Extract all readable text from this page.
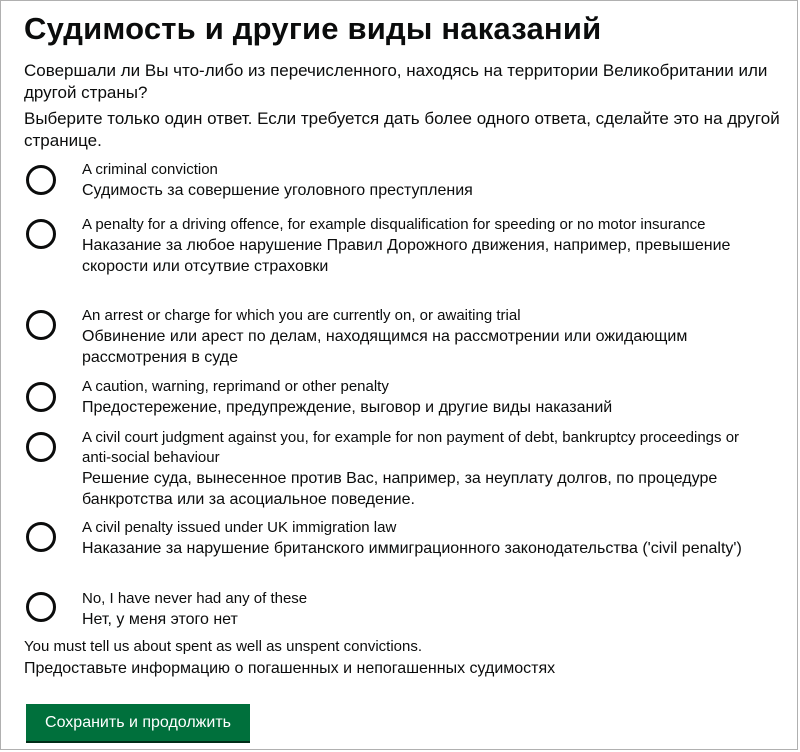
Судимость и другие виды наказаний
Совершали ли Вы что-либо из перечисленного, находясь на территории Великобритании или другой страны?
Выберите только один ответ. Если требуется дать более одного ответа, сделайте это на другой странице.
A criminal conviction
Судимость за совершение уголовного преступления
A penalty for a driving offence, for example disqualification for speeding or no motor insurance
Наказание за любое нарушение Правил Дорожного движения, например, превышение скорости или отсутвие страховки
An arrest or charge for which you are currently on, or awaiting trial
Обвинение или арест по делам, находящимся на рассмотрении или ожидающим рассмотрения в суде
A caution, warning, reprimand or other penalty
Предостережение, предупреждение, выговор и другие виды наказаний
A civil court judgment against you, for example for non payment of debt, bankruptcy proceedings or anti-social behaviour
Решение суда, вынесенное против Вас, например, за неуплату долгов, по процедуре банкротства или за асоциальное поведение.
A civil penalty issued under UK immigration law
Наказание за нарушение британского иммиграционного законодательства ('civil penalty')
No, I have never had any of these
Нет, у меня этого нет
You must tell us about spent as well as unspent convictions.
Предоставьте информацию о погашенных и непогашенных судимостях
Сохранить и продолжить
